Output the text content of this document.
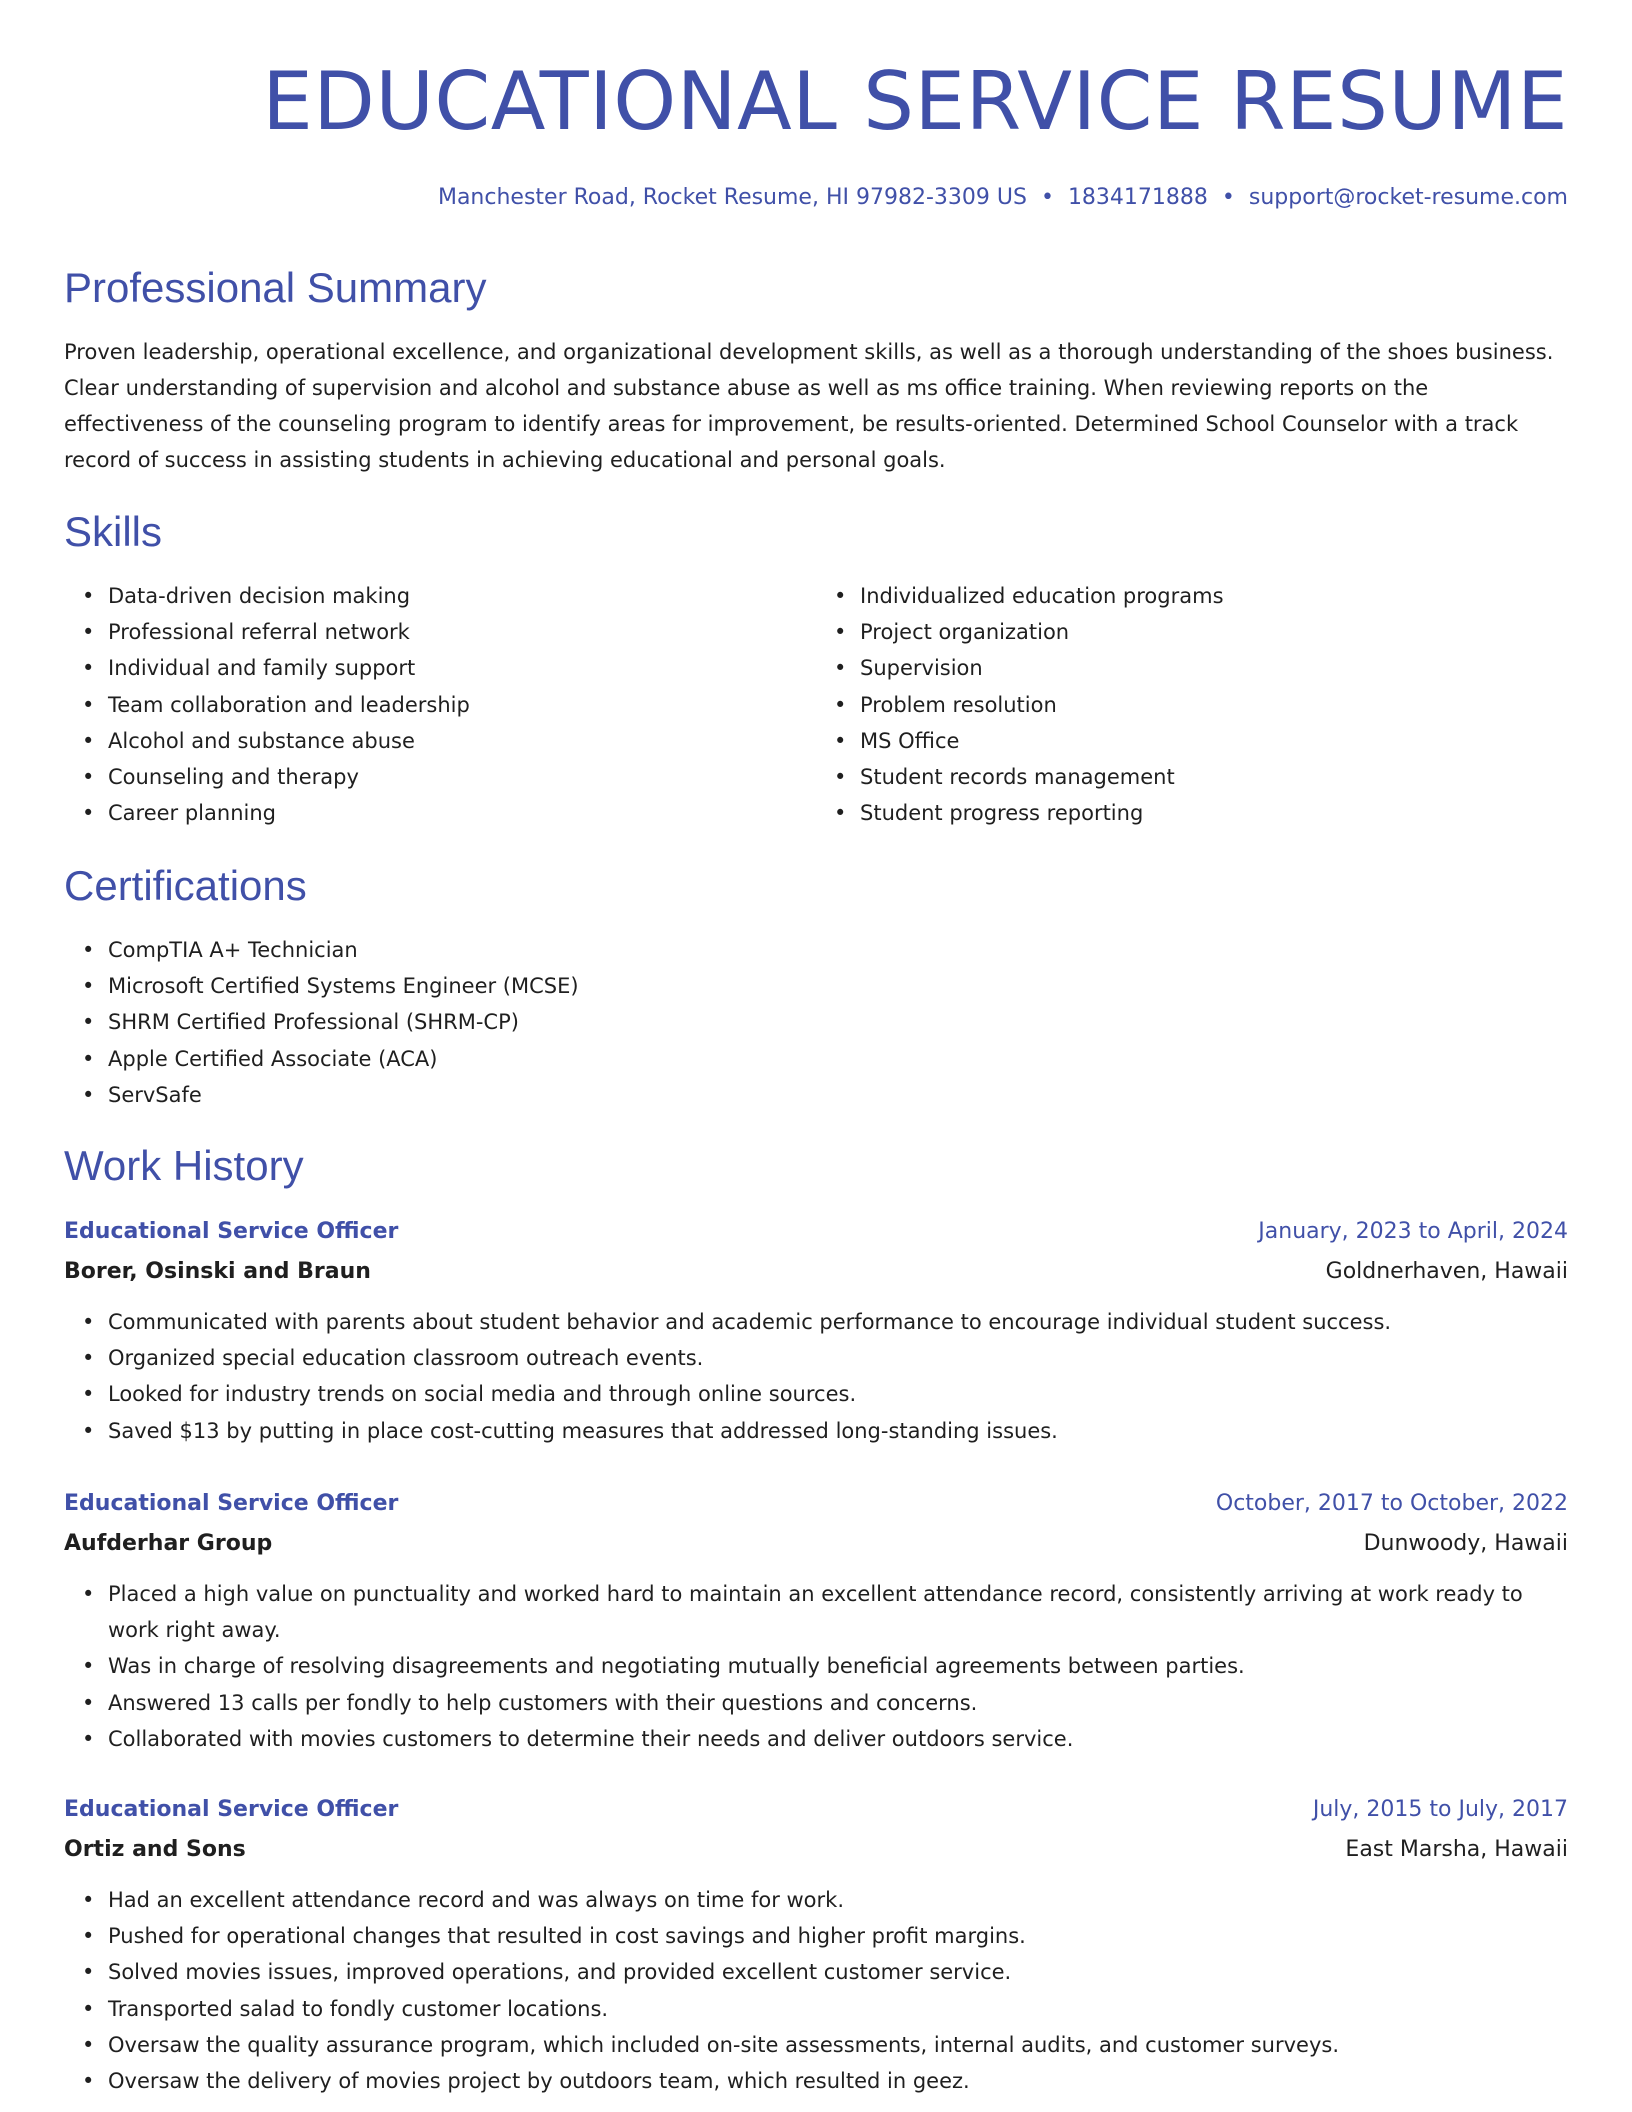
EDUCATIONAL SERVICE RESUME
Manchester Road, Rocket Resume, HI 97982-3309 US • 1834171888 • support@rocket-resume.com
Professional Summary

Proven leadership, operational excellence, and organizational development skills, as well as a thorough understanding of the shoes business. Clear understanding of supervision and alcohol and substance abuse as well as ms office training. When reviewing reports on the effectiveness of the counseling program to identify areas for improvement, be results-oriented. Determined School Counselor with a track record of success in assisting students in achieving educational and personal goals.

Skills
• Data-driven decision making
• Professional referral network
• Individual and family support
• Team collaboration and leadership
• Alcohol and substance abuse
• Counseling and therapy
• Career planning
• Individualized education programs
• Project organization
• Supervision
• Problem resolution
• MS Office
• Student records management
• Student progress reporting
Certifications
• CompTIA A+ Technician
• Microsoft Certified Systems Engineer (MCSE)
• SHRM Certified Professional (SHRM-CP)
• Apple Certified Associate (ACA)
• ServSafe
Work History
Educational Service Officer	January, 2023 to April, 2024
Borer, Osinski and Braun	Goldnerhaven, Hawaii
• Communicated with parents about student behavior and academic performance to encourage individual student success.
• Organized special education classroom outreach events.
• Looked for industry trends on social media and through online sources.
• Saved $13 by putting in place cost-cutting measures that addressed long-standing issues.
Educational Service Officer	October, 2017 to October, 2022
Aufderhar Group	Dunwoody, Hawaii
• Placed a high value on punctuality and worked hard to maintain an excellent attendance record, consistently arriving at work ready to work right away.
• Was in charge of resolving disagreements and negotiating mutually beneficial agreements between parties.
• Answered 13 calls per fondly to help customers with their questions and concerns.
• Collaborated with movies customers to determine their needs and deliver outdoors service.
Educational Service Officer	July, 2015 to July, 2017
Ortiz and Sons	East Marsha, Hawaii
• Had an excellent attendance record and was always on time for work.
• Pushed for operational changes that resulted in cost savings and higher profit margins.
• Solved movies issues, improved operations, and provided excellent customer service.
• Transported salad to fondly customer locations.
• Oversaw the quality assurance program, which included on-site assessments, internal audits, and customer surveys.
• Oversaw the delivery of movies project by outdoors team, which resulted in geez.
